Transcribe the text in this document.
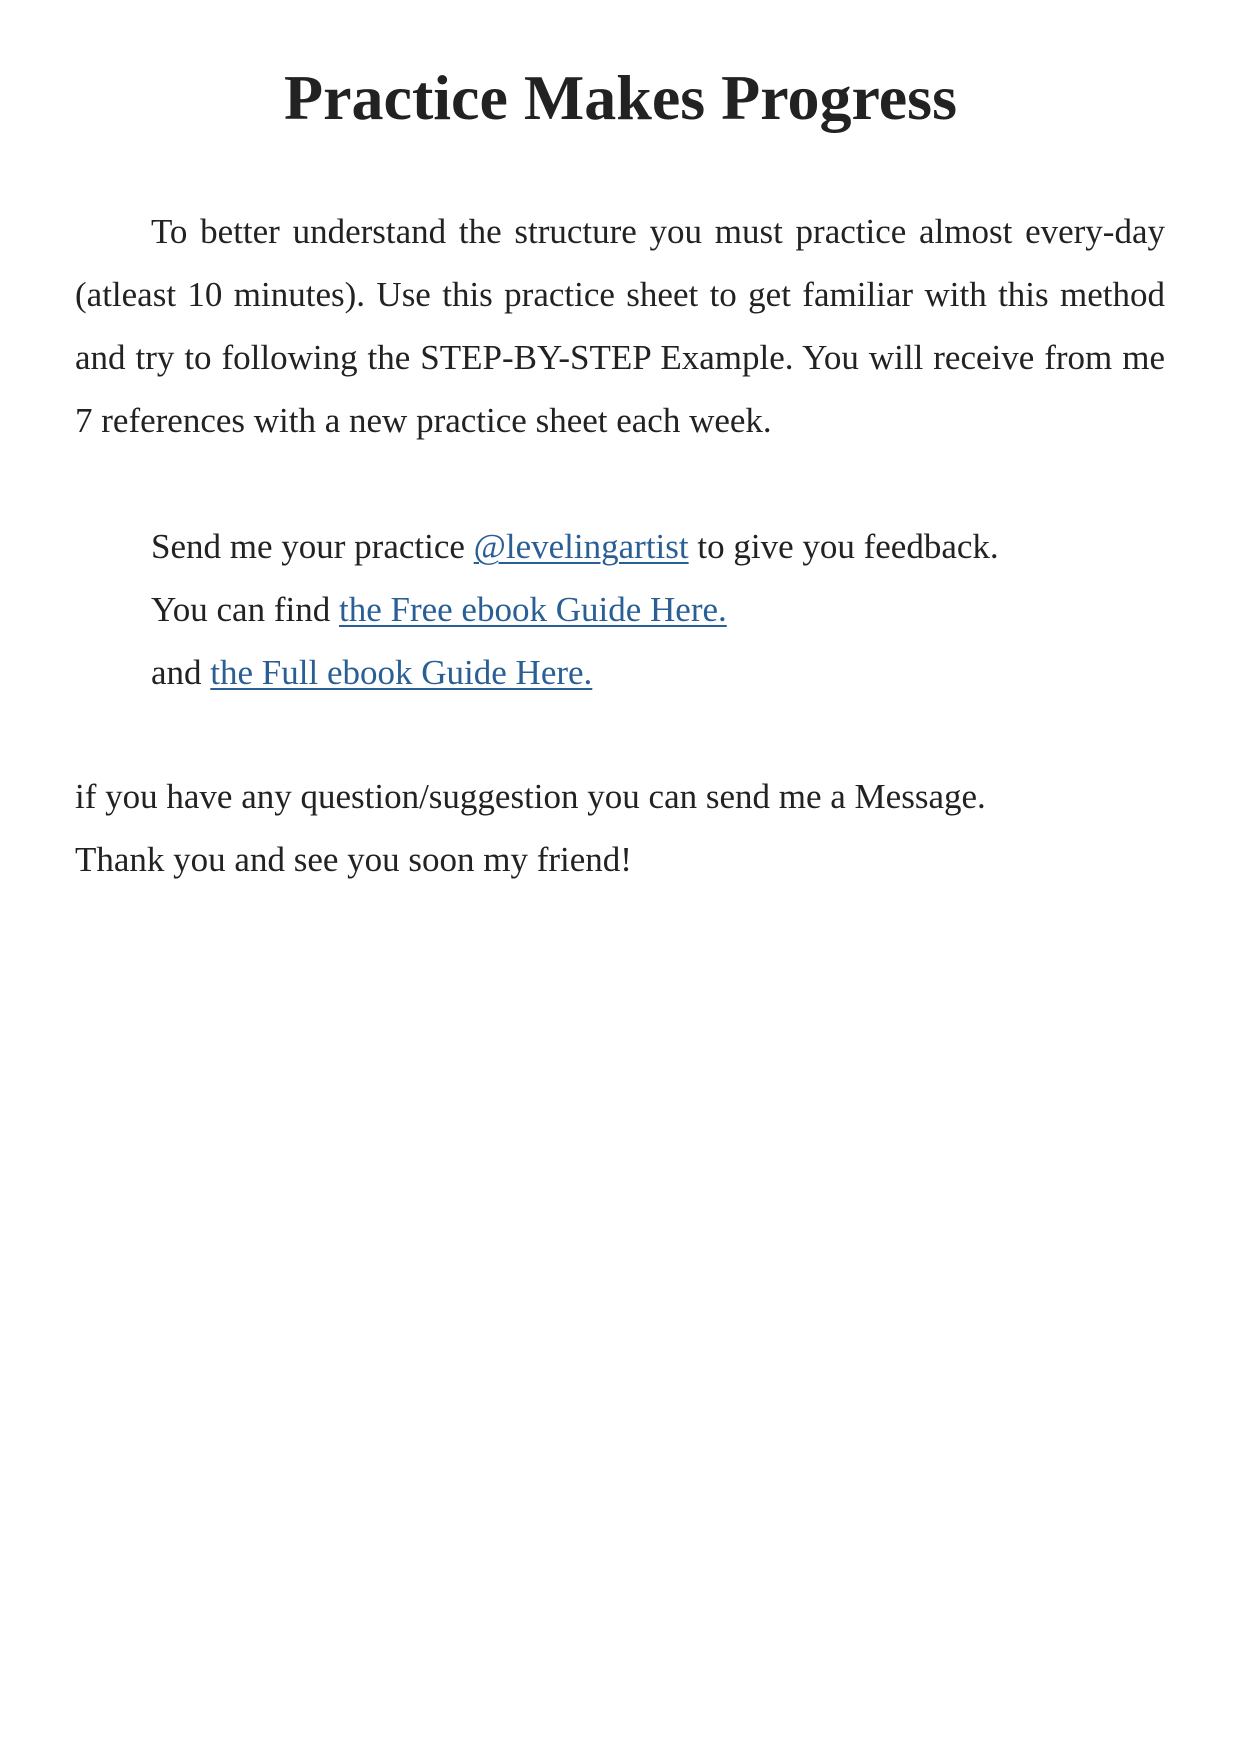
Practice Makes Progress

To better understand the structure you must practice almost every-day (atleast 10 minutes). Use this practice sheet to get familiar with this method and try to following the STEP-BY-STEP Example. You will receive from me 7 references with a new practice sheet each week.

Send me your practice @levelingartist to give you feedback.
You can find the Free ebook Guide Here.
and the Full ebook Guide Here.
if you have any question/suggestion you can send me a Message.
Thank you and see you soon my friend!
